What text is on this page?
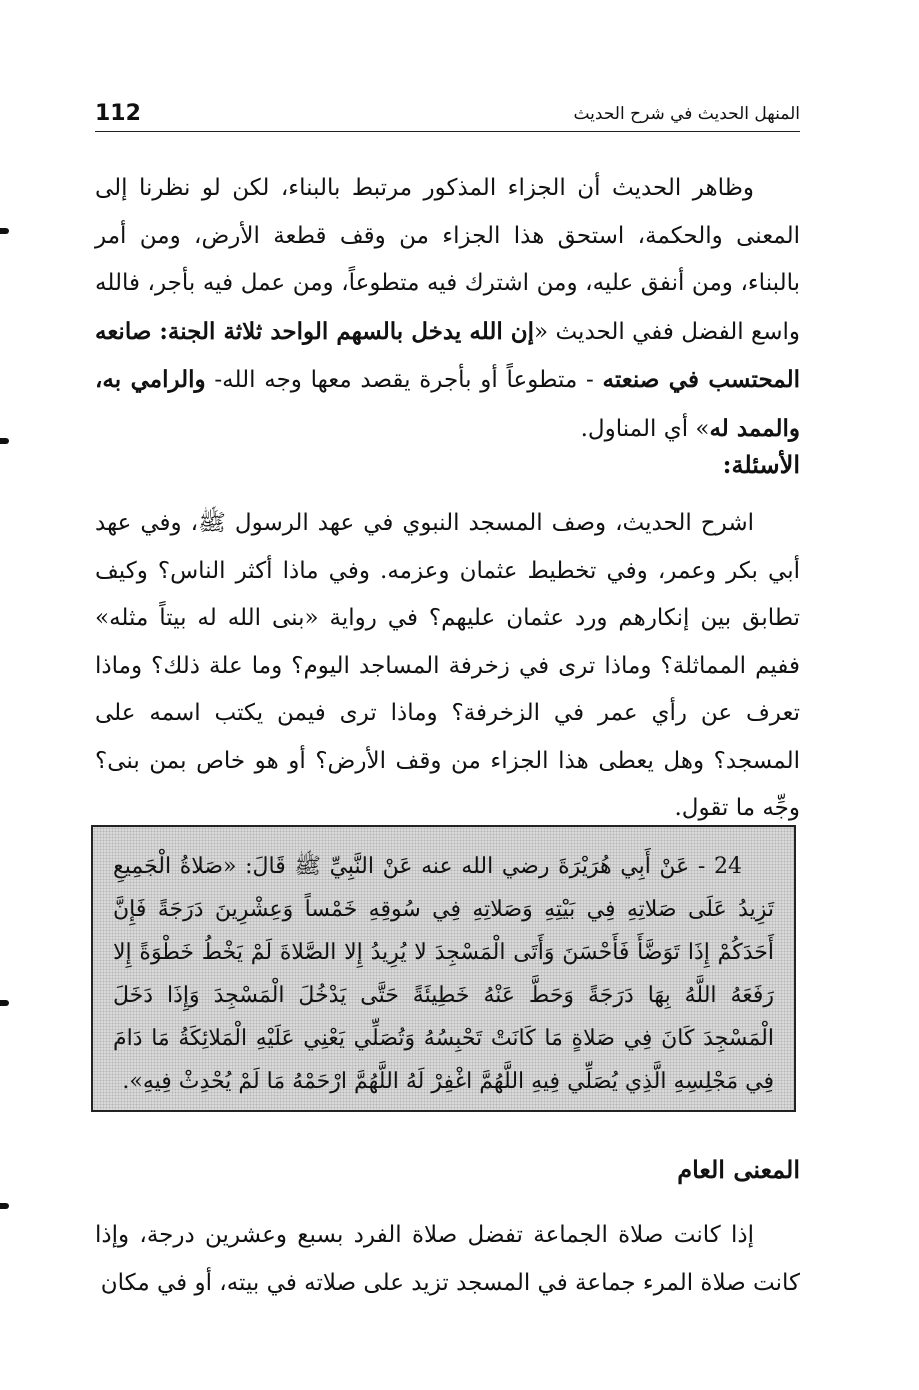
المنهل الحديث في شرح الحديث
112

وظاهر الحديث أن الجزاء المذكور مرتبط بالبناء، لكن لو نظرنا إلى المعنى والحكمة، استحق هذا الجزاء من وقف قطعة الأرض، ومن أمر بالبناء، ومن أنفق عليه، ومن اشترك فيه متطوعاً، ومن عمل فيه بأجر، فالله واسع الفضل ففي الحديث «إن الله يدخل بالسهم الواحد ثلاثة الجنة: صانعه المحتسب في صنعته - متطوعاً أو بأجرة يقصد معها وجه الله- والرامي به، والممد له» أي المناول.

الأسئلة:

اشرح الحديث، وصف المسجد النبوي في عهد الرسول ﷺ، وفي عهد أبي بكر وعمر، وفي تخطيط عثمان وعزمه. وفي ماذا أكثر الناس؟ وكيف تطابق بين إنكارهم ورد عثمان عليهم؟ في رواية «بنى الله له بيتاً مثله» ففيم المماثلة؟ وماذا ترى في زخرفة المساجد اليوم؟ وما علة ذلك؟ وماذا تعرف عن رأي عمر في الزخرفة؟ وماذا ترى فيمن يكتب اسمه على المسجد؟ وهل يعطى هذا الجزاء من وقف الأرض؟ أو هو خاص بمن بنى؟ وجِّه ما تقول.

24 - عَنْ أَبِي هُرَيْرَةَ رضي الله عنه عَنْ النَّبِيِّ ﷺ قَالَ: «صَلاةُ الْجَمِيعِ تَزِيدُ عَلَى صَلاتِهِ فِي بَيْتِهِ وَصَلاتِهِ فِي سُوقِهِ خَمْساً وَعِشْرِينَ دَرَجَةً فَإِنَّ أَحَدَكُمْ إِذَا تَوَضَّأَ فَأَحْسَنَ وَأَتَى الْمَسْجِدَ لا يُرِيدُ إِلا الصَّلاةَ لَمْ يَخْطُ خَطْوَةً إِلا رَفَعَهُ اللَّهُ بِهَا دَرَجَةً وَحَطَّ عَنْهُ خَطِيئَةً حَتَّى يَدْخُلَ الْمَسْجِدَ وَإِذَا دَخَلَ الْمَسْجِدَ كَانَ فِي صَلاةٍ مَا كَانَتْ تَحْبِسُهُ وَتُصَلِّي يَعْنِي عَلَيْهِ الْمَلائِكَةُ مَا دَامَ فِي مَجْلِسِهِ الَّذِي يُصَلِّي فِيهِ اللَّهُمَّ اغْفِرْ لَهُ اللَّهُمَّ ارْحَمْهُ مَا لَمْ يُحْدِثْ فِيهِ».

المعنى العام

إذا كانت صلاة الجماعة تفضل صلاة الفرد بسبع وعشرين درجة، وإذا كانت صلاة المرء جماعة في المسجد تزيد على صلاته في بيته، أو في مكان
